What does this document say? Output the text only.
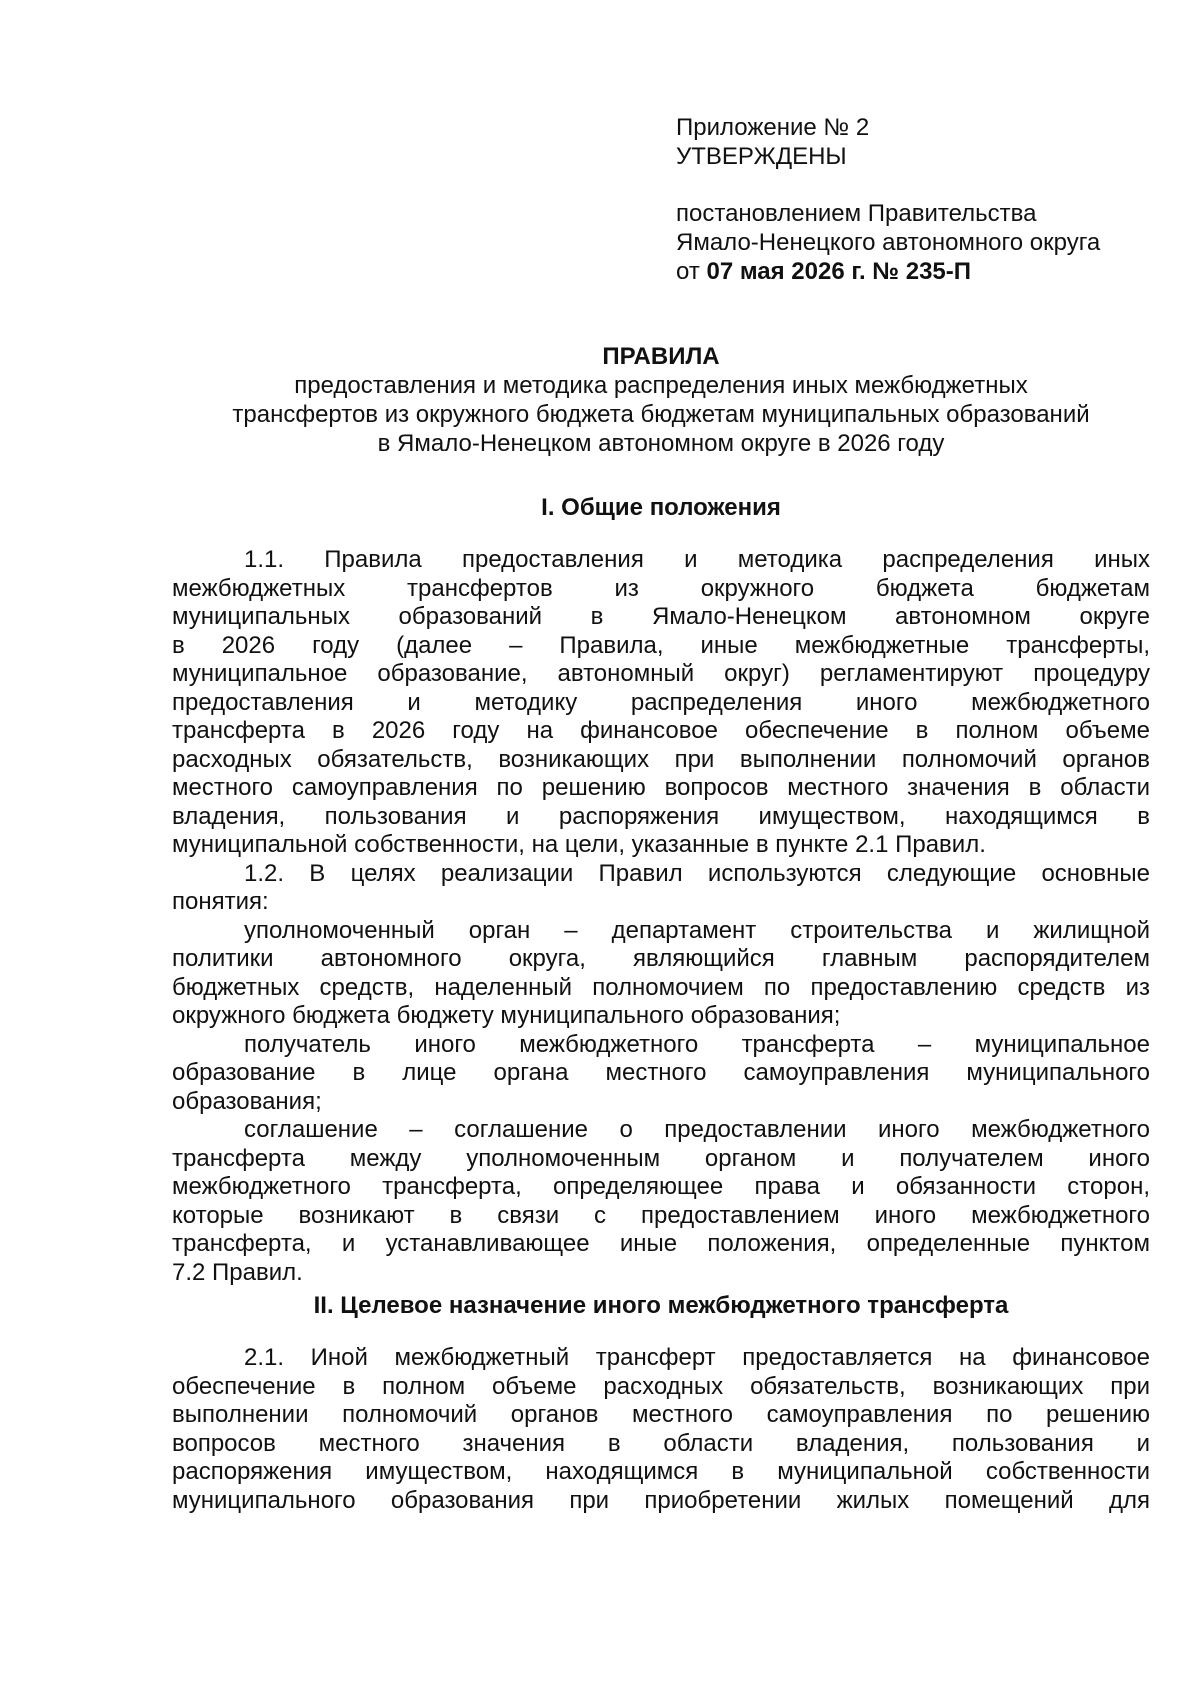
Приложение № 2
УТВЕРЖДЕНЫ
постановлением Правительства
Ямало-Ненецкого автономного округа
от 07 мая 2026 г. № 235-П
ПРАВИЛА
предоставления и методика распределения иных межбюджетных
трансфертов из окружного бюджета бюджетам муниципальных образований
в Ямало-Ненецком автономном округе в 2026 году
I. Общие положения
1.1. Правила предоставления и методика распределения иных
межбюджетных трансфертов из окружного бюджета бюджетам
муниципальных образований в Ямало-Ненецком автономном округе
в 2026 году (далее – Правила, иные межбюджетные трансферты,
муниципальное образование, автономный округ) регламентируют процедуру
предоставления и методику распределения иного межбюджетного
трансферта в 2026 году на финансовое обеспечение в полном объеме
расходных обязательств, возникающих при выполнении полномочий органов
местного самоуправления по решению вопросов местного значения в области
владения, пользования и распоряжения имуществом, находящимся в
муниципальной собственности, на цели, указанные в пункте 2.1 Правил.
1.2. В целях реализации Правил используются следующие основные
понятия:
уполномоченный орган – департамент строительства и жилищной
политики автономного округа, являющийся главным распорядителем
бюджетных средств, наделенный полномочием по предоставлению средств из
окружного бюджета бюджету муниципального образования;
получатель иного межбюджетного трансферта – муниципальное
образование в лице органа местного самоуправления муниципального
образования;
соглашение – соглашение о предоставлении иного межбюджетного
трансферта между уполномоченным органом и получателем иного
межбюджетного трансферта, определяющее права и обязанности сторон,
которые возникают в связи с предоставлением иного межбюджетного
трансферта, и устанавливающее иные положения, определенные пунктом
7.2 Правил.
II. Целевое назначение иного межбюджетного трансферта
2.1. Иной межбюджетный трансферт предоставляется на финансовое
обеспечение в полном объеме расходных обязательств, возникающих при
выполнении полномочий органов местного самоуправления по решению
вопросов местного значения в области владения, пользования и
распоряжения имуществом, находящимся в муниципальной собственности
муниципального образования при приобретении жилых помещений для
